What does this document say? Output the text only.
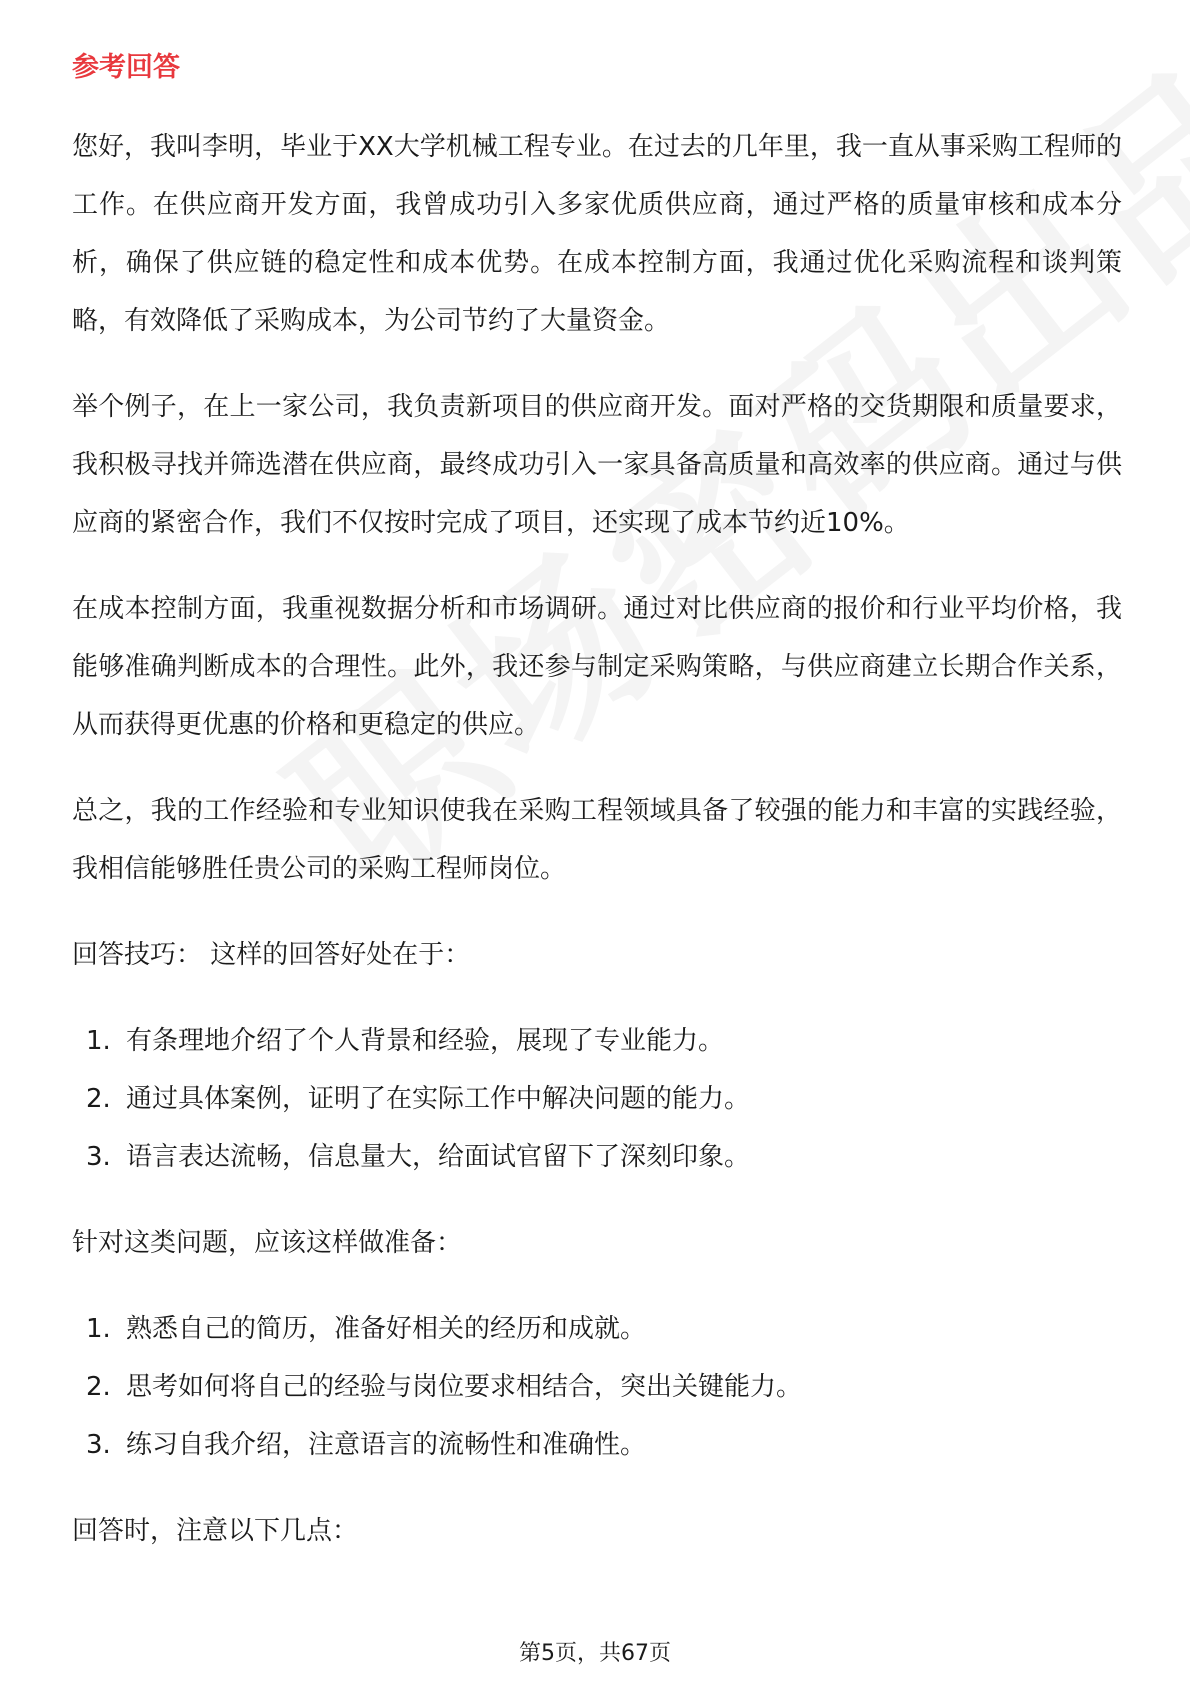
参考回答

您好，我叫李明，毕业于XX大学机械工程专业。在过去的几年里，我一直从事采购工程师的工作。在供应商开发方面，我曾成功引入多家优质供应商，通过严格的质量审核和成本分析，确保了供应链的稳定性和成本优势。在成本控制方面，我通过优化采购流程和谈判策略，有效降低了采购成本，为公司节约了大量资金。

举个例子，在上一家公司，我负责新项目的供应商开发。面对严格的交货期限和质量要求，我积极寻找并筛选潜在供应商，最终成功引入一家具备高质量和高效率的供应商。通过与供应商的紧密合作，我们不仅按时完成了项目，还实现了成本节约近10%。

在成本控制方面，我重视数据分析和市场调研。通过对比供应商的报价和行业平均价格，我能够准确判断成本的合理性。此外，我还参与制定采购策略，与供应商建立长期合作关系，从而获得更优惠的价格和更稳定的供应。

总之，我的工作经验和专业知识使我在采购工程领域具备了较强的能力和丰富的实践经验，我相信能够胜任贵公司的采购工程师岗位。

回答技巧： 这样的回答好处在于：
1. 有条理地介绍了个人背景和经验，展现了专业能力。
2. 通过具体案例，证明了在实际工作中解决问题的能力。
3. 语言表达流畅，信息量大，给面试官留下了深刻印象。
针对这类问题，应该这样做准备：
1. 熟悉自己的简历，准备好相关的经历和成就。
2. 思考如何将自己的经验与岗位要求相结合，突出关键能力。
3. 练习自我介绍，注意语言的流畅性和准确性。
回答时，注意以下几点：
第5页，共67页
